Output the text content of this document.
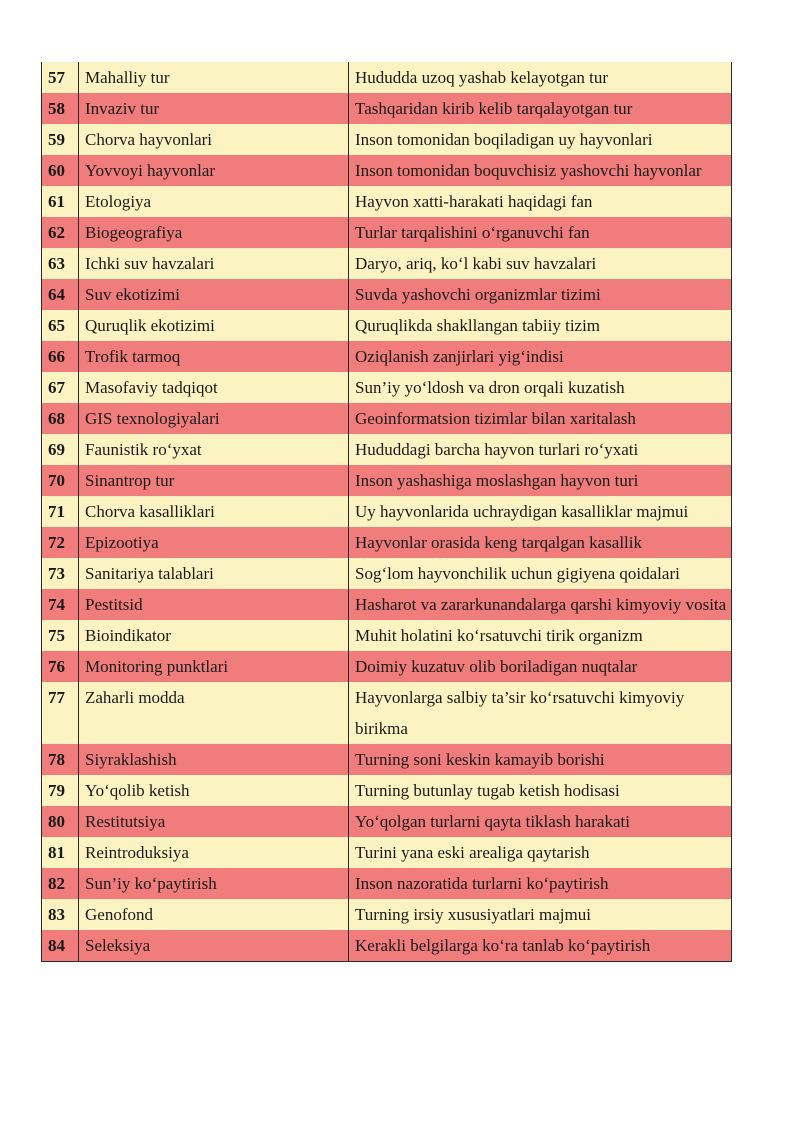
57	Mahalliy tur	Hududda uzoq yashab kelayotgan tur
58	Invaziv tur	Tashqaridan kirib kelib tarqalayotgan tur
59	Chorva hayvonlari	Inson tomonidan boqiladigan uy hayvonlari
60	Yovvoyi hayvonlar	Inson tomonidan boquvchisiz yashovchi hayvonlar
61	Etologiya	Hayvon xatti-harakati haqidagi fan
62	Biogeografiya	Turlar tarqalishini o‘rganuvchi fan
63	Ichki suv havzalari	Daryo, ariq, ko‘l kabi suv havzalari
64	Suv ekotizimi	Suvda yashovchi organizmlar tizimi
65	Quruqlik ekotizimi	Quruqlikda shakllangan tabiiy tizim
66	Trofik tarmoq	Oziqlanish zanjirlari yig‘indisi
67	Masofaviy tadqiqot	Sun’iy yo‘ldosh va dron orqali kuzatish
68	GIS texnologiyalari	Geoinformatsion tizimlar bilan xaritalash
69	Faunistik ro‘yxat	Hududdagi barcha hayvon turlari ro‘yxati
70	Sinantrop tur	Inson yashashiga moslashgan hayvon turi
71	Chorva kasalliklari	Uy hayvonlarida uchraydigan kasalliklar majmui
72	Epizootiya	Hayvonlar orasida keng tarqalgan kasallik
73	Sanitariya talablari	Sog‘lom hayvonchilik uchun gigiyena qoidalari
74	Pestitsid	Hasharot va zararkunandalarga qarshi kimyoviy vosita
75	Bioindikator	Muhit holatini ko‘rsatuvchi tirik organizm
76	Monitoring punktlari	Doimiy kuzatuv olib boriladigan nuqtalar
77	Zaharli modda	Hayvonlarga salbiy ta’sir ko‘rsatuvchi kimyoviy birikma
78	Siyraklashish	Turning soni keskin kamayib borishi
79	Yo‘qolib ketish	Turning butunlay tugab ketish hodisasi
80	Restitutsiya	Yo‘qolgan turlarni qayta tiklash harakati
81	Reintroduksiya	Turini yana eski arealiga qaytarish
82	Sun’iy ko‘paytirish	Inson nazoratida turlarni ko‘paytirish
83	Genofond	Turning irsiy xususiyatlari majmui
84	Seleksiya	Kerakli belgilarga ko‘ra tanlab ko‘paytirish
